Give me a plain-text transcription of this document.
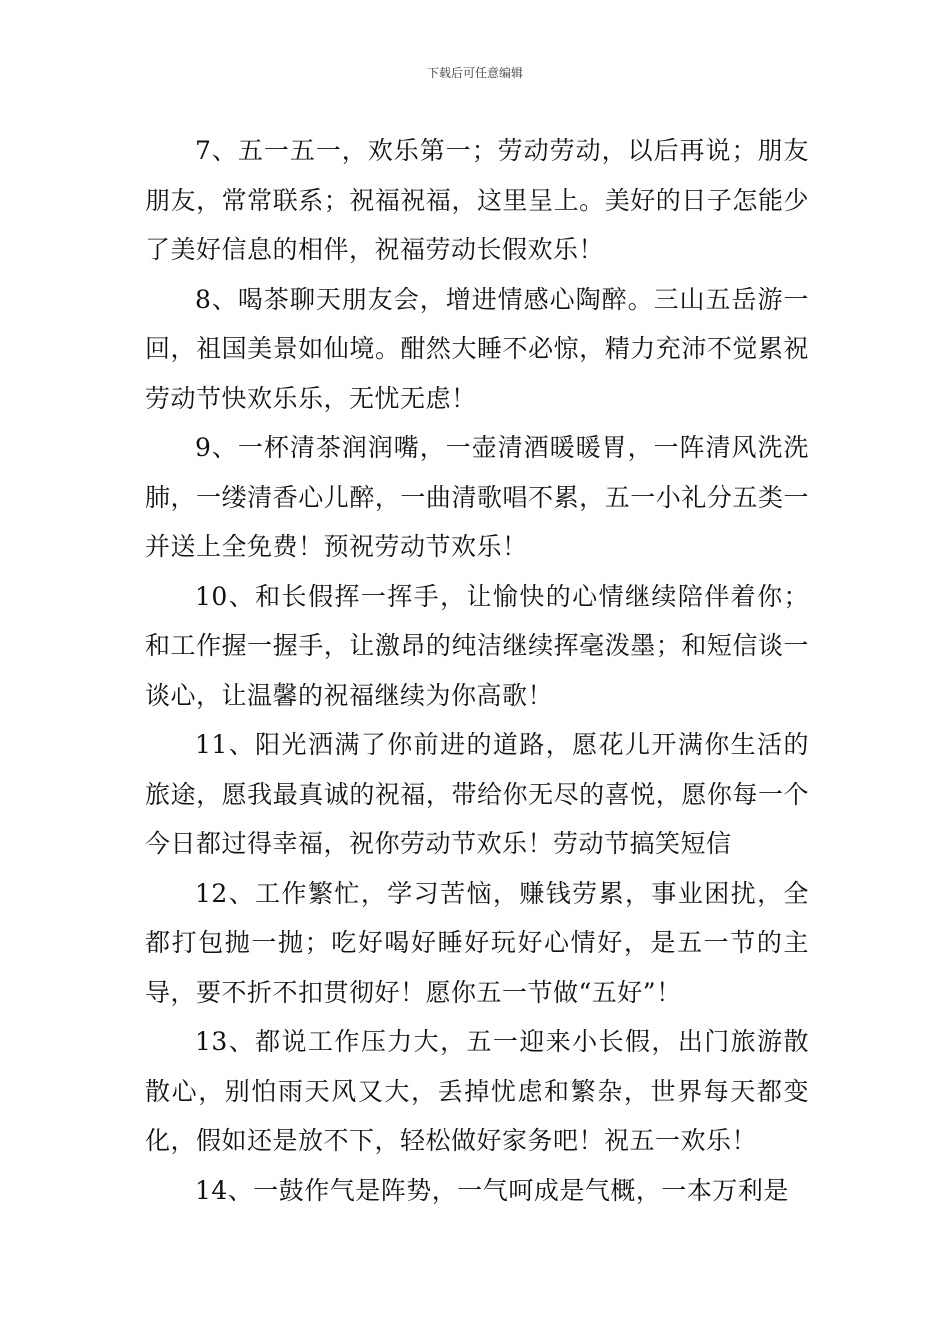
下载后可任意编辑

7、五一五一，欢乐第一；劳动劳动，以后再说；朋友朋友，常常联系；祝福祝福，这里呈上。美好的日子怎能少了美好信息的相伴，祝福劳动长假欢乐！

8、喝茶聊天朋友会，增进情感心陶醉。三山五岳游一回，祖国美景如仙境。酣然大睡不必惊，精力充沛不觉累祝劳动节快欢乐乐，无忧无虑！

9、一杯清茶润润嘴，一壶清酒暖暖胃，一阵清风洗洗肺，一缕清香心儿醉，一曲清歌唱不累，五一小礼分五类一并送上全免费！预祝劳动节欢乐！

10、和长假挥一挥手，让愉快的心情继续陪伴着你；和工作握一握手，让激昂的纯洁继续挥毫泼墨；和短信谈一谈心，让温馨的祝福继续为你高歌！

11、阳光洒满了你前进的道路，愿花儿开满你生活的旅途，愿我最真诚的祝福，带给你无尽的喜悦，愿你每一个今日都过得幸福，祝你劳动节欢乐！劳动节搞笑短信

12、工作繁忙，学习苦恼，赚钱劳累，事业困扰，全都打包抛一抛；吃好喝好睡好玩好心情好，是五一节的主导，要不折不扣贯彻好！愿你五一节做“五好”！

13、都说工作压力大，五一迎来小长假，出门旅游散散心，别怕雨天风又大，丢掉忧虑和繁杂，世界每天都变化，假如还是放不下，轻松做好家务吧！祝五一欢乐！

14、一鼓作气是阵势，一气呵成是气概，一本万利是
